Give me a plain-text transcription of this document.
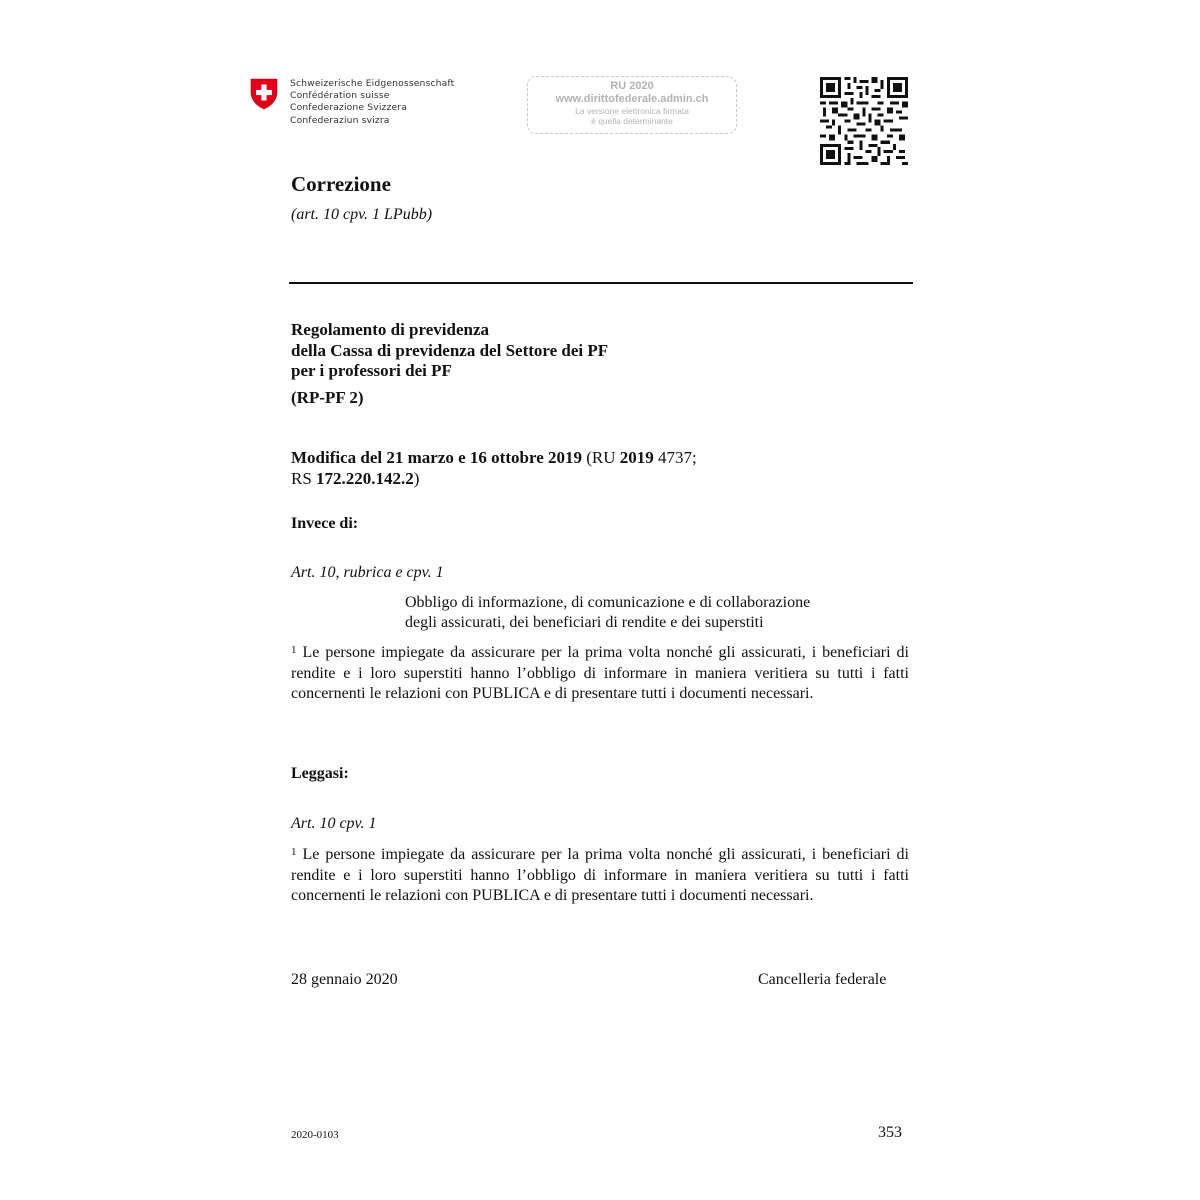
Schweizerische Eidgenossenschaft
Confédération suisse
Confederazione Svizzera
Confederaziun svizra
RU 2020
www.dirittofederale.admin.ch
La versione elettronica firmata
è quella determinante
Correzione
(art. 10 cpv. 1 LPubb)
Regolamento di previdenza
della Cassa di previdenza del Settore dei PF
per i professori dei PF
(RP-PF 2)
Modifica del 21 marzo e 16 ottobre 2019 (RU 2019 4737;
RS 172.220.142.2)
Invece di:
Art. 10, rubrica e cpv. 1
Obbligo di informazione, di comunicazione e di collaborazione
degli assicurati, dei beneficiari di rendite e dei superstiti
$^1$ Le persone impiegate da assicurare per la prima volta nonché gli assicurati, i beneficiari di rendite e i loro superstiti hanno l’obbligo di informare in maniera veritiera su tutti i fatti concernenti le relazioni con PUBLICA e di presentare tutti i documenti necessari.
Leggasi:
Art. 10 cpv. 1
$^1$ Le persone impiegate da assicurare per la prima volta nonché gli assicurati, i beneficiari di rendite e i loro superstiti hanno l’obbligo di informare in maniera veritiera su tutti i fatti concernenti le relazioni con PUBLICA e di presentare tutti i documenti necessari.
28 gennaio 2020	Cancelleria federale
2020-0103	353
